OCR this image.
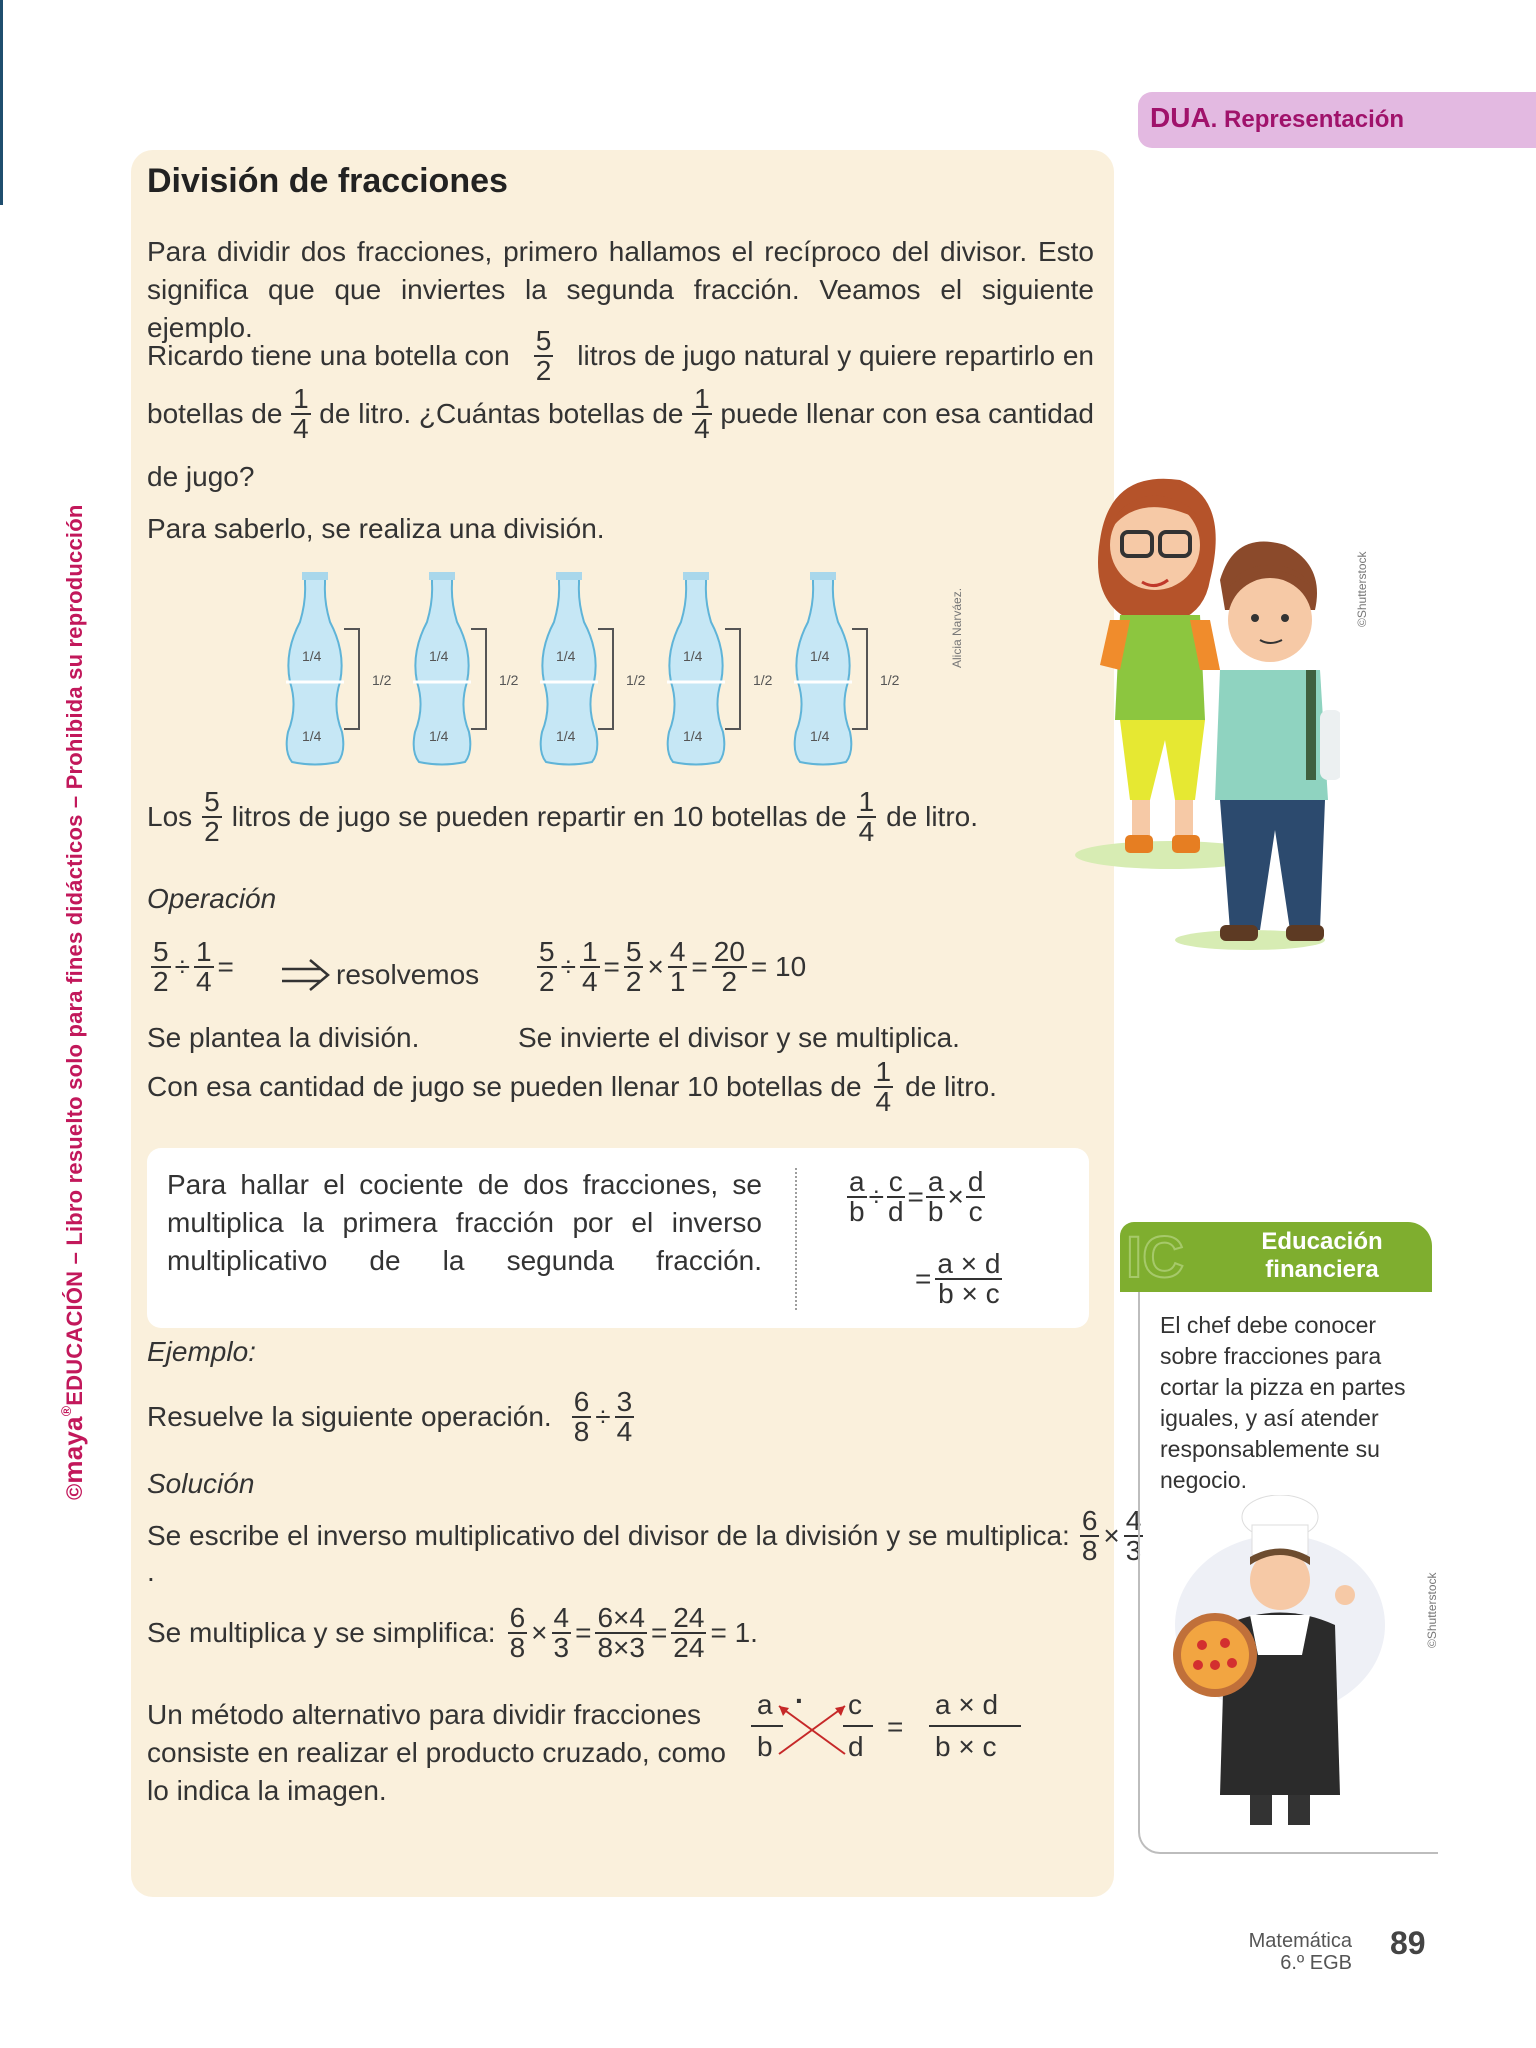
©maya®EDUCACIÓN – Libro resuelto solo para fines didácticos – Prohibida su reproducción
DUA. Representación
División de fracciones
Para dividir dos fracciones, primero hallamos el recíproco del divisor. Esto significa que que inviertes la segunda fracción. Veamos el siguiente ejemplo.
Ricardo tiene una botella con $\frac{5}{2}$ litros de jugo natural y quiere repartirlo en
botellas de $\frac{1}{4}$ de litro. ¿Cuántas botellas de $\frac{1}{4}$ puede llenar con esa cantidad
de jugo?
Para saberlo, se realiza una división.
1/4
1/4
1/2
1/4
1/4
1/2
1/4
1/4
1/2
1/4
1/4
1/2
1/4
1/4
1/2
Alicia Narváez.
Los $\frac{5}{2}$ litros de jugo se pueden repartir en 10 botellas de $\frac{1}{4}$ de litro.
Operación
$\frac{5}{2} \div \frac{1}{4}$ =	resolvemos $\frac{5}{2} \div \frac{1}{4} = \frac{5}{2} \times \frac{4}{1} = \frac{20}{2} = 10$
Se plantea la división.	Se invierte el divisor y se multiplica.
Con esa cantidad de jugo se pueden llenar 10 botellas de $\frac{1}{4}$ de litro.
Para hallar el cociente de dos fracciones, se multiplica la primera fracción por el inverso multiplicativo de la segunda fracción.
$\frac{a}{b} \div \frac{c}{d} = \frac{a}{b} \times \frac{d}{c}$
= $\frac{a \times d}{b \times c}$
Ejemplo:
Resuelve la siguiente operación. $\frac{6}{8} \div \frac{3}{4}$
Solución
Se escribe el inverso multiplicativo del divisor de la división y se multiplica: $\frac{6}{8} \times \frac{4}{3}$
.
Se multiplica y se simplifica: $\frac{6}{8} \times \frac{4}{3} = \frac{6\times 4}{8\times 3} = \frac{24}{24} = 1$.
Un método alternativo para dividir fracciones consiste en realizar el producto cruzado, como lo indica la imagen.
a
b
· c
d
=
a × d
b × c
©Shutterstock
IC	Educación financiera
El chef debe conocer sobre fracciones para cortar la pizza en partes iguales, y así atender responsablemente su negocio.
©Shutterstock
Matemática
6.º EGB
89
